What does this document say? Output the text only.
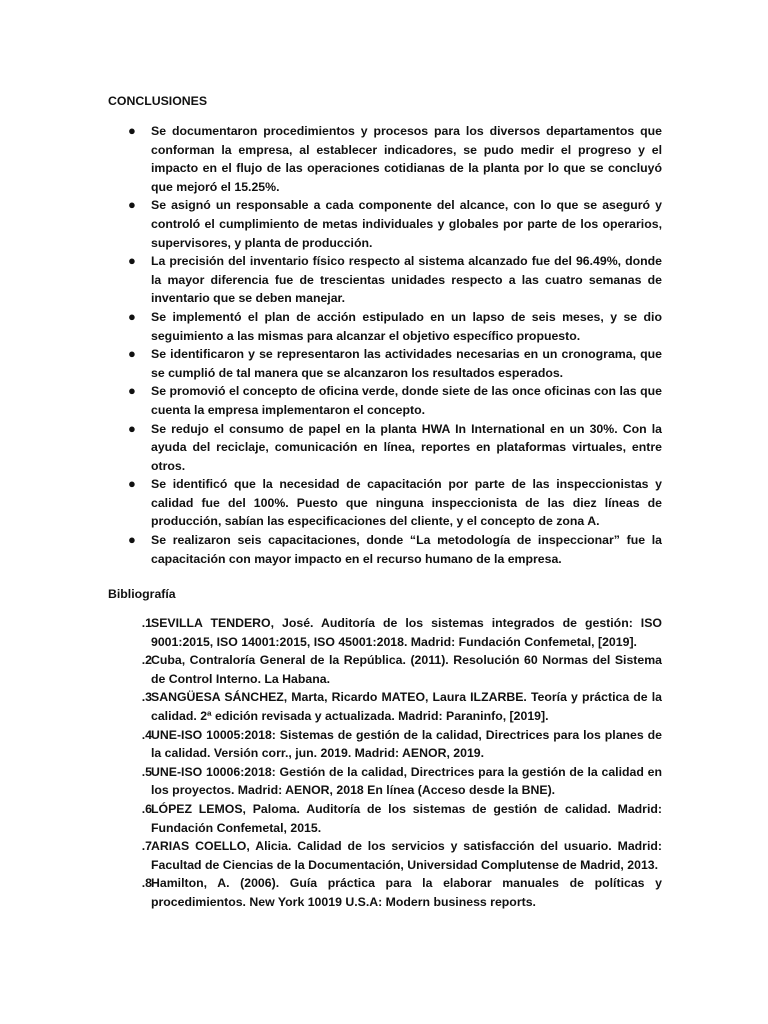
CONCLUSIONES
● Se documentaron procedimientos y procesos para los diversos departamentos que conforman la empresa, al establecer indicadores, se pudo medir el progreso y el impacto en el flujo de las operaciones cotidianas de la planta por lo que se concluyó que mejoró el 15.25%.
● Se asignó un responsable a cada componente del alcance, con lo que se aseguró y controló el cumplimiento de metas individuales y globales por parte de los operarios, supervisores, y planta de producción.
● La precisión del inventario físico respecto al sistema alcanzado fue del 96.49%, donde la mayor diferencia fue de trescientas unidades respecto a las cuatro semanas de inventario que se deben manejar.
● Se implementó el plan de acción estipulado en un lapso de seis meses, y se dio seguimiento a las mismas para alcanzar el objetivo específico propuesto.
● Se identificaron y se representaron las actividades necesarias en un cronograma, que se cumplió de tal manera que se alcanzaron los resultados esperados.
● Se promovió el concepto de oficina verde, donde siete de las once oficinas con las que cuenta la empresa implementaron el concepto.
● Se redujo el consumo de papel en la planta HWA In International en un 30%. Con la ayuda del reciclaje, comunicación en línea, reportes en plataformas virtuales, entre otros.
● Se identificó que la necesidad de capacitación por parte de las inspeccionistas y calidad fue del 100%. Puesto que ninguna inspeccionista de las diez líneas de producción, sabían las especificaciones del cliente, y el concepto de zona A.
● Se realizaron seis capacitaciones, donde “La metodología de inspeccionar” fue la capacitación con mayor impacto en el recurso humano de la empresa.
Bibliografía
1. SEVILLA TENDERO, José. Auditoría de los sistemas integrados de gestión: ISO 9001:2015, ISO 14001:2015, ISO 45001:2018. Madrid: Fundación Confemetal, [2019].
2. Cuba, Contraloría General de la República. (2011). Resolución 60 Normas del Sistema de Control Interno. La Habana.
3. SANGÜESA SÁNCHEZ, Marta, Ricardo MATEO, Laura ILZARBE. Teoría y práctica de la calidad. 2ª edición revisada y actualizada. Madrid: Paraninfo, [2019].
4. UNE-ISO 10005:2018: Sistemas de gestión de la calidad, Directrices para los planes de la calidad. Versión corr., jun. 2019. Madrid: AENOR, 2019.
5. UNE-ISO 10006:2018: Gestión de la calidad, Directrices para la gestión de la calidad en los proyectos. Madrid: AENOR, 2018 En línea (Acceso desde la BNE).
6. LÓPEZ LEMOS, Paloma. Auditoría de los sistemas de gestión de calidad. Madrid: Fundación Confemetal, 2015.
7. ARIAS COELLO, Alicia. Calidad de los servicios y satisfacción del usuario. Madrid: Facultad de Ciencias de la Documentación, Universidad Complutense de Madrid, 2013.
8. Hamilton, A. (2006). Guía práctica para la elaborar manuales de políticas y procedimientos. New York 10019 U.S.A: Modern business reports.
